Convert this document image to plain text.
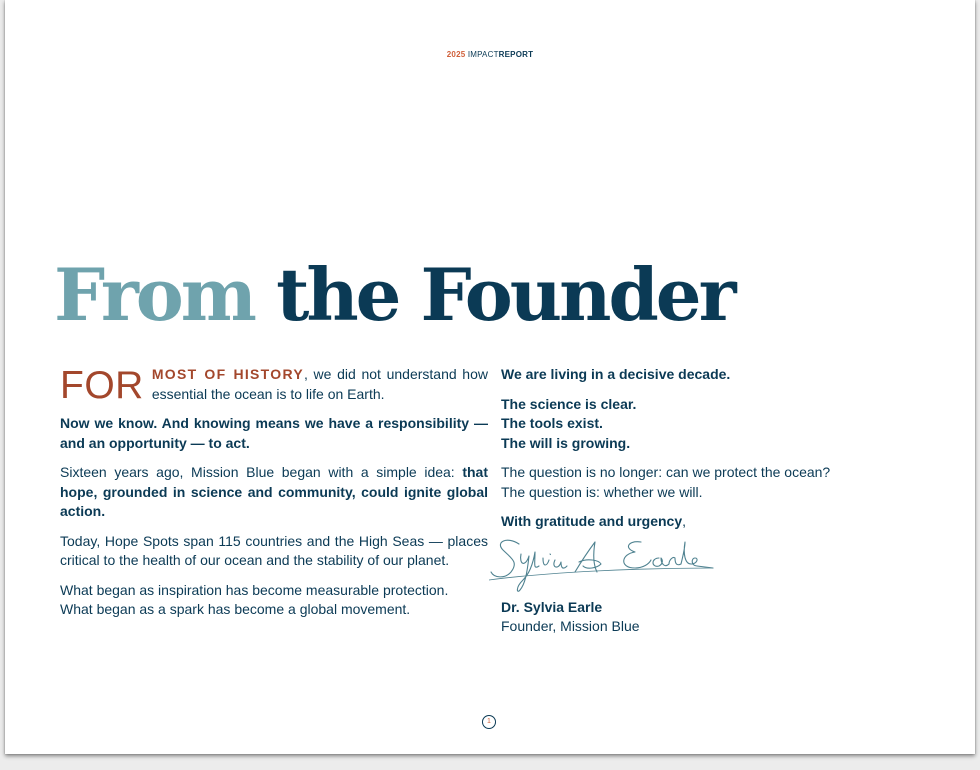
2025 IMPACTREPORT
From the Founder

FOR MOST OF HISTORY, we did not understand how essential the ocean is to life on Earth.

Now we know. And knowing means we have a responsibility — and an opportunity — to act.

Sixteen years ago, Mission Blue began with a simple idea: that hope, grounded in science and community, could ignite global action.

Today, Hope Spots span 115 countries and the High Seas — places critical to the health of our ocean and the stability of our planet.

What began as inspiration has become measurable protection.
What began as a spark has become a global movement.

We are living in a decisive decade.

The science is clear.
The tools exist.
The will is growing.

The question is no longer: can we protect the ocean?
The question is: whether we will.

With gratitude and urgency,

Dr. Sylvia Earle
Founder, Mission Blue
1
